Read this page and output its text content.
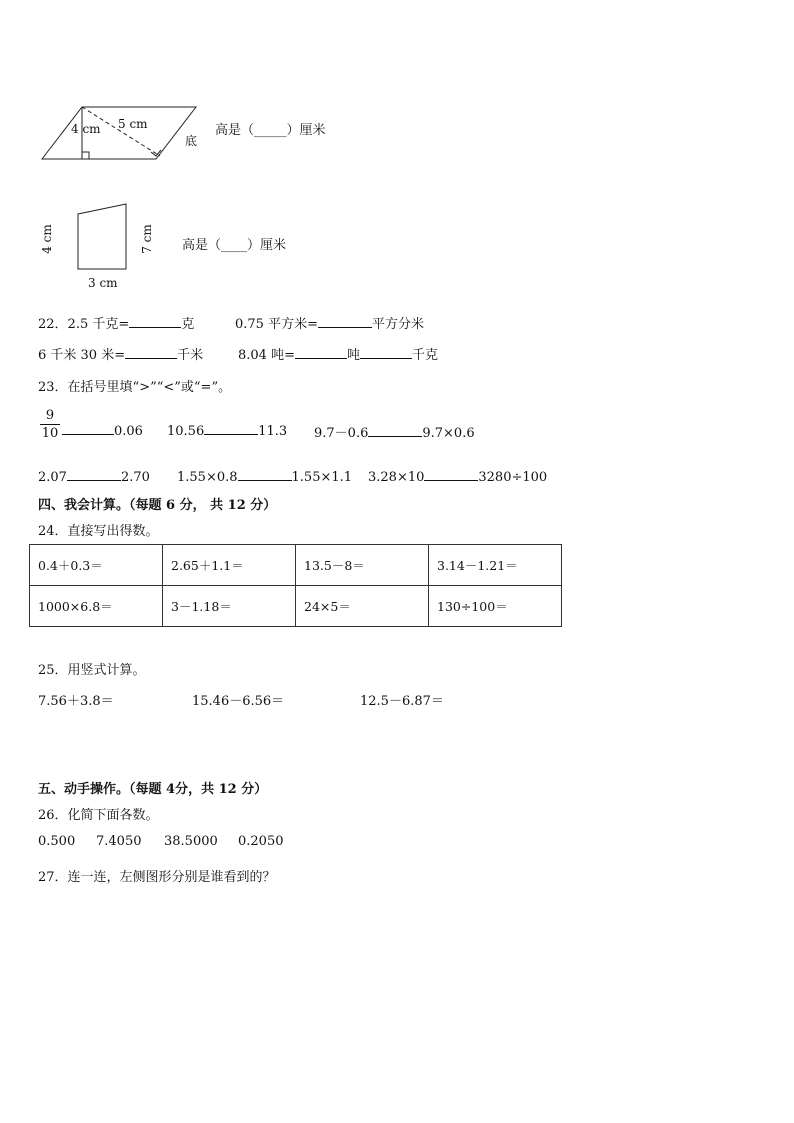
4 cm 5 cm
底
高是（_____）厘米
4 cm	7 cm
3 cm
高是（____）厘米
22．2.5 千克=	克	0.75 平方米=	平方分米
6 千米 30 米=	千米	8.04 吨=	吨	千克
23．在括号里填“>”“<”或“=”。
$\frac{9}{10}$	0.06 10.56	11.3 9.7－0.6	9.7×0.6
2.07	2.70 1.55×0.8	1.55×1.1 3.28×10	3280÷100
四、我会计算。（每题 6 分， 共 12 分）
24．直接写出得数。
0.4＋0.3＝	2.65＋1.1＝	13.5－8＝	3.14－1.21＝
1000×6.8＝	3－1.18＝	24×5＝	130÷100＝
25．用竖式计算。
7.56＋3.8＝	15.46－6.56＝	12.5－6.87＝
五、动手操作。（每题 4分，共 12 分）
26．化简下面各数。
0.500 7.4050 38.5000 0.2050
27．连一连，左侧图形分别是谁看到的？
